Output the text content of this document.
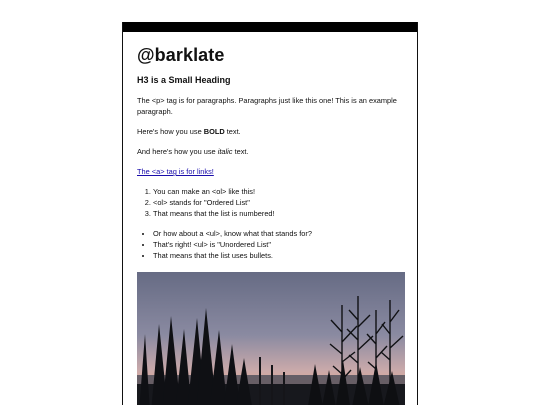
@barklate
H3 is a Small Heading

The <p> tag is for paragraphs. Paragraphs just like this one! This is an example paragraph.

Here's how you use BOLD text.

And here's how you use italic text.

The <a> tag is for links!

1. You can make an <ol> like this!
2. <ol> stands for "Ordered List"
3. That means that the list is numbered!
• Or how about a <ul>, know what that stands for?
• That's right! <ul> is "Unordered List"
• That means that the list uses bullets.
